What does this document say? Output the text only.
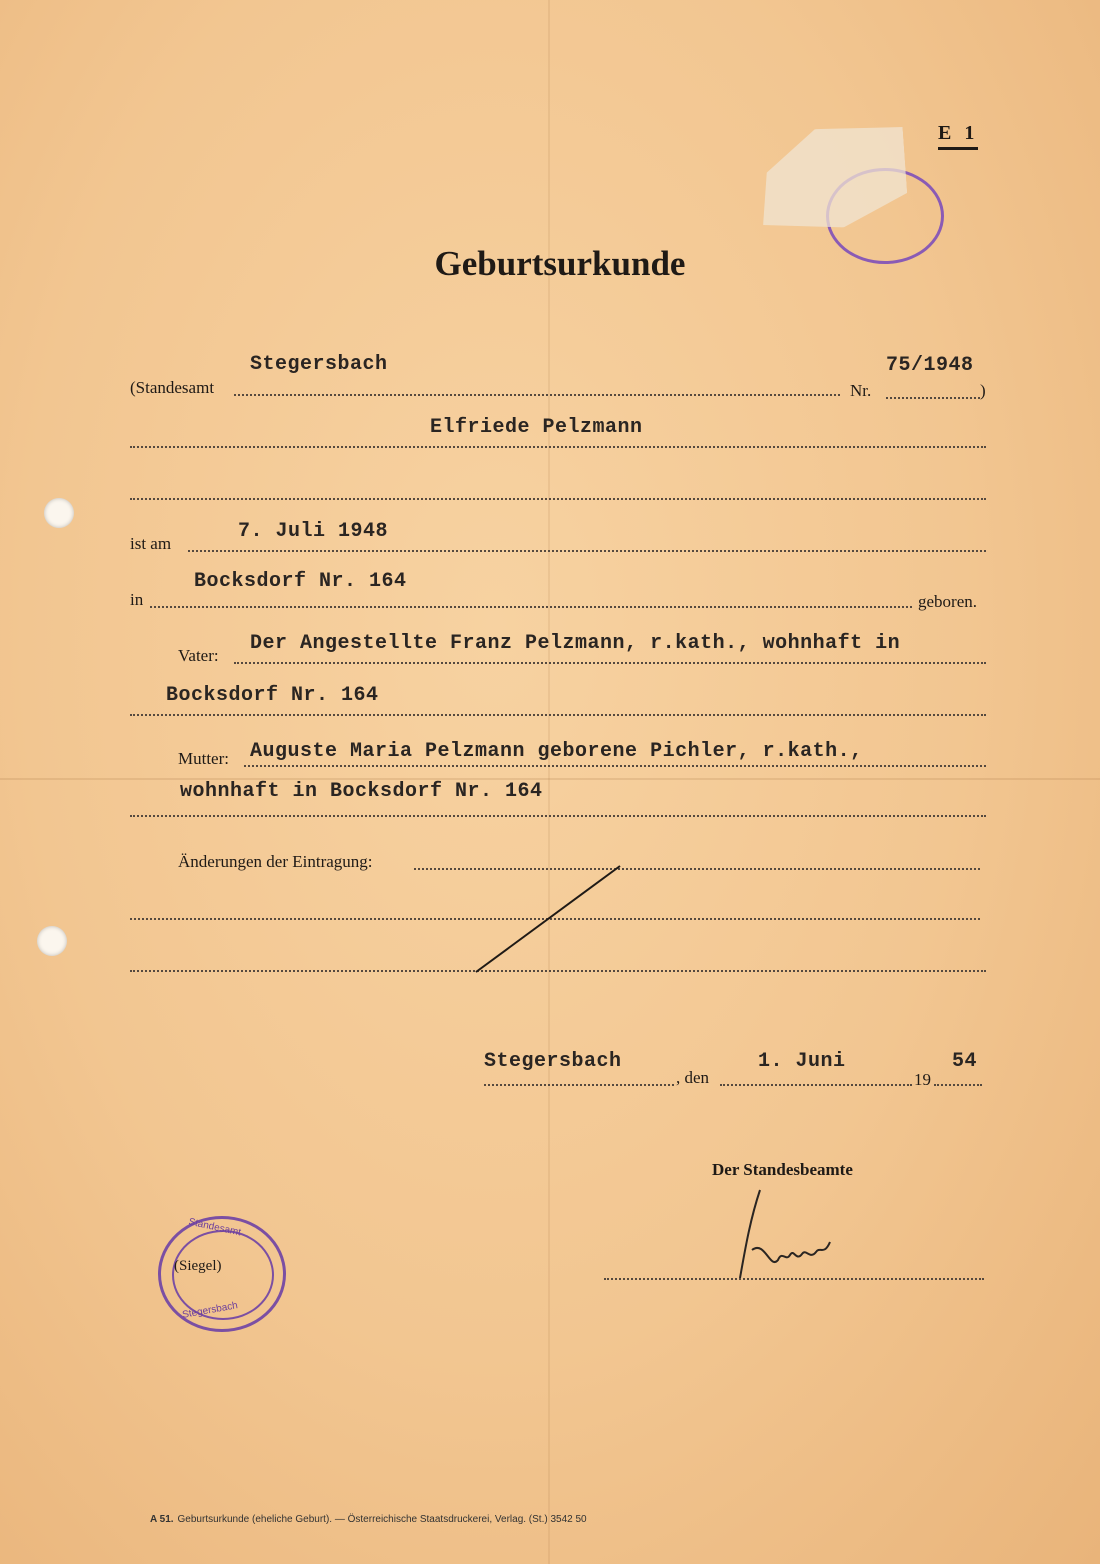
E 1
Geburtsurkunde
(Standesamt
Stegersbach
Nr.
75/1948
)
Elfriede Pelzmann
ist am
7. Juli 1948
in
Bocksdorf Nr. 164
geboren.
Vater:
Der Angestellte Franz Pelzmann, r.kath., wohnhaft in
Bocksdorf Nr. 164
Mutter: Auguste Maria Pelzmann geborene Pichler, r.kath.,
wohnhaft in Bocksdorf Nr. 164
Änderungen der Eintragung:
Stegersbach
, den
1. Juni
19
54
Der Standesbeamte
Standesamt
Stegersbach
(Siegel)
A 51. Geburtsurkunde (eheliche Geburt). — Österreichische Staatsdruckerei, Verlag. (St.) 3542 50
